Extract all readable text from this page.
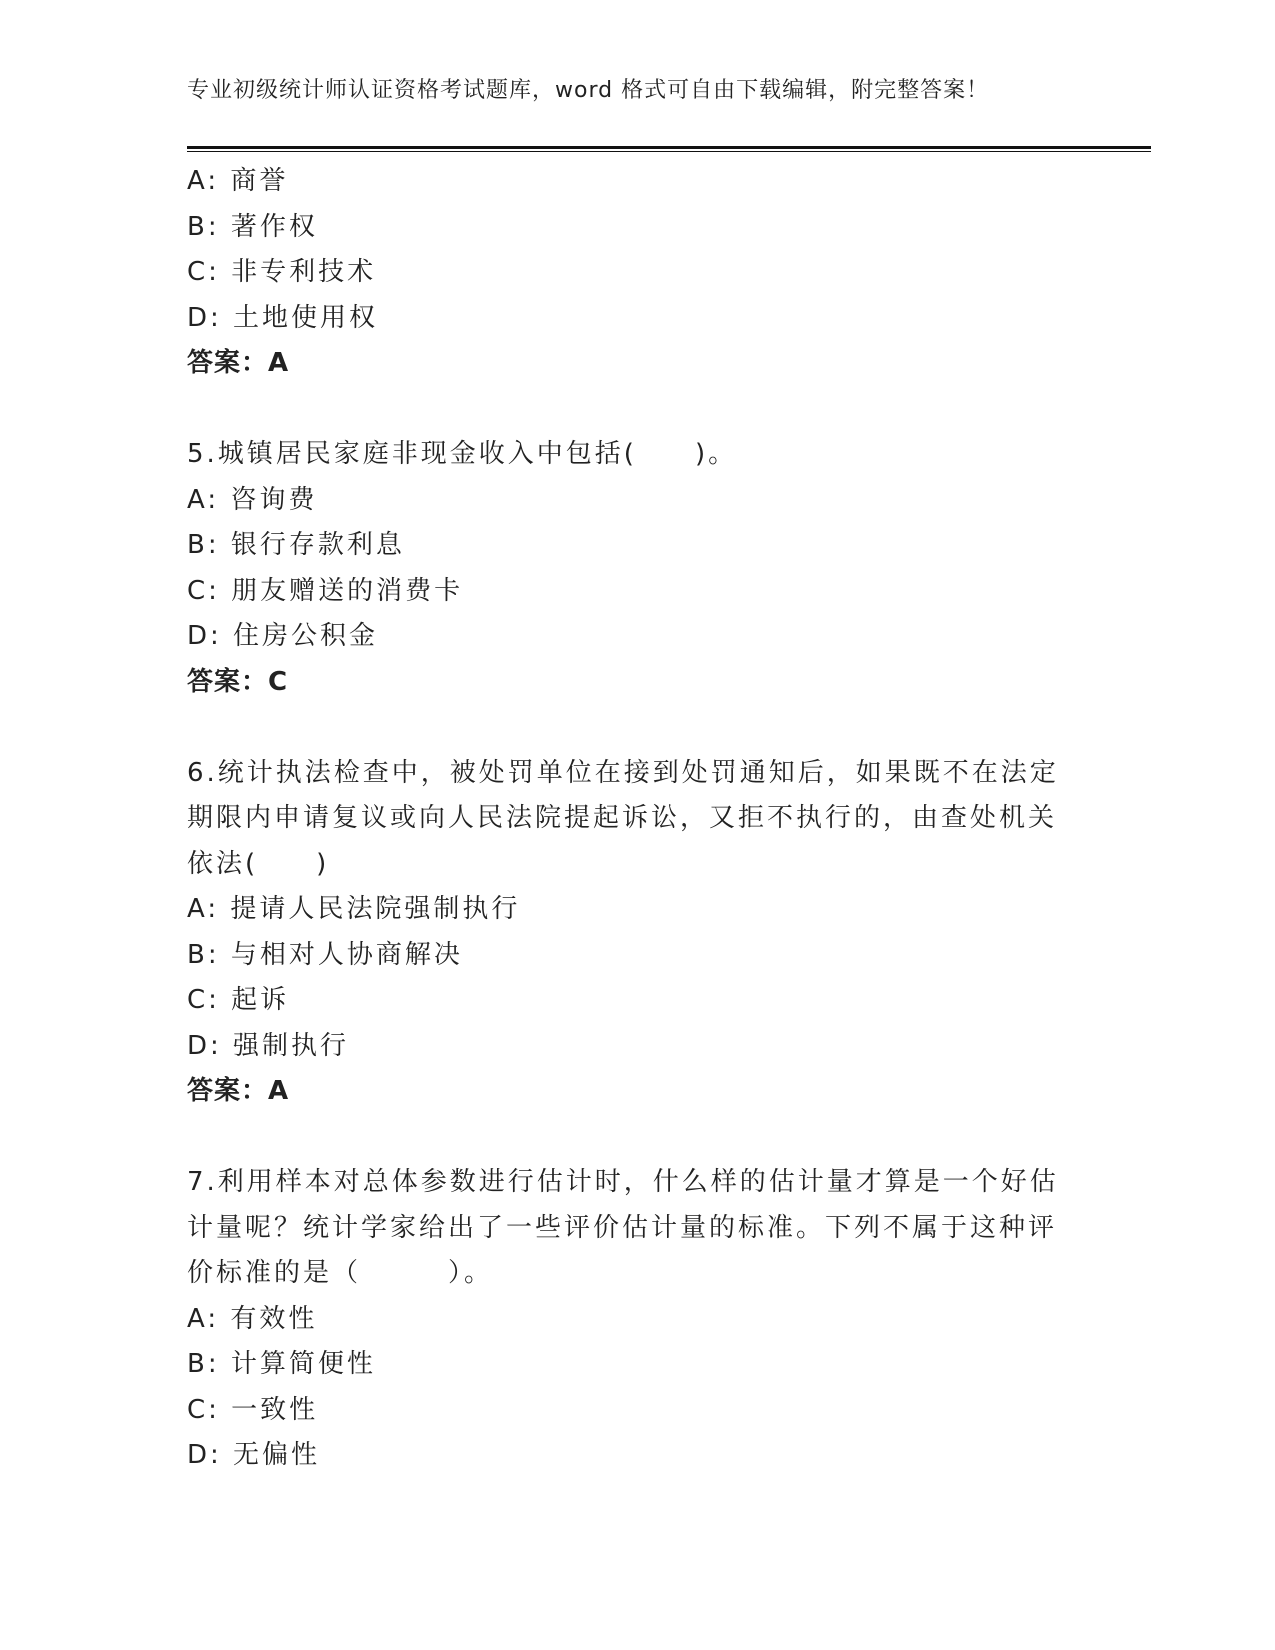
专业初级统计师认证资格考试题库，word 格式可自由下载编辑，附完整答案！
A: 商誉
B: 著作权
C: 非专利技术
D: 土地使用权
答案：A
5.城镇居民家庭非现金收入中包括(　　)。
A: 咨询费
B: 银行存款利息
C: 朋友赠送的消费卡
D: 住房公积金
答案：C
6.统计执法检查中，被处罚单位在接到处罚通知后，如果既不在法定期限内申请复议或向人民法院提起诉讼，又拒不执行的，由查处机关依法(　　)
A: 提请人民法院强制执行
B: 与相对人协商解决
C: 起诉
D: 强制执行
答案：A
7.利用样本对总体参数进行估计时，什么样的估计量才算是一个好估计量呢？统计学家给出了一些评价估计量的标准。下列不属于这种评价标准的是（　　　）。
A: 有效性
B: 计算简便性
C: 一致性
D: 无偏性
